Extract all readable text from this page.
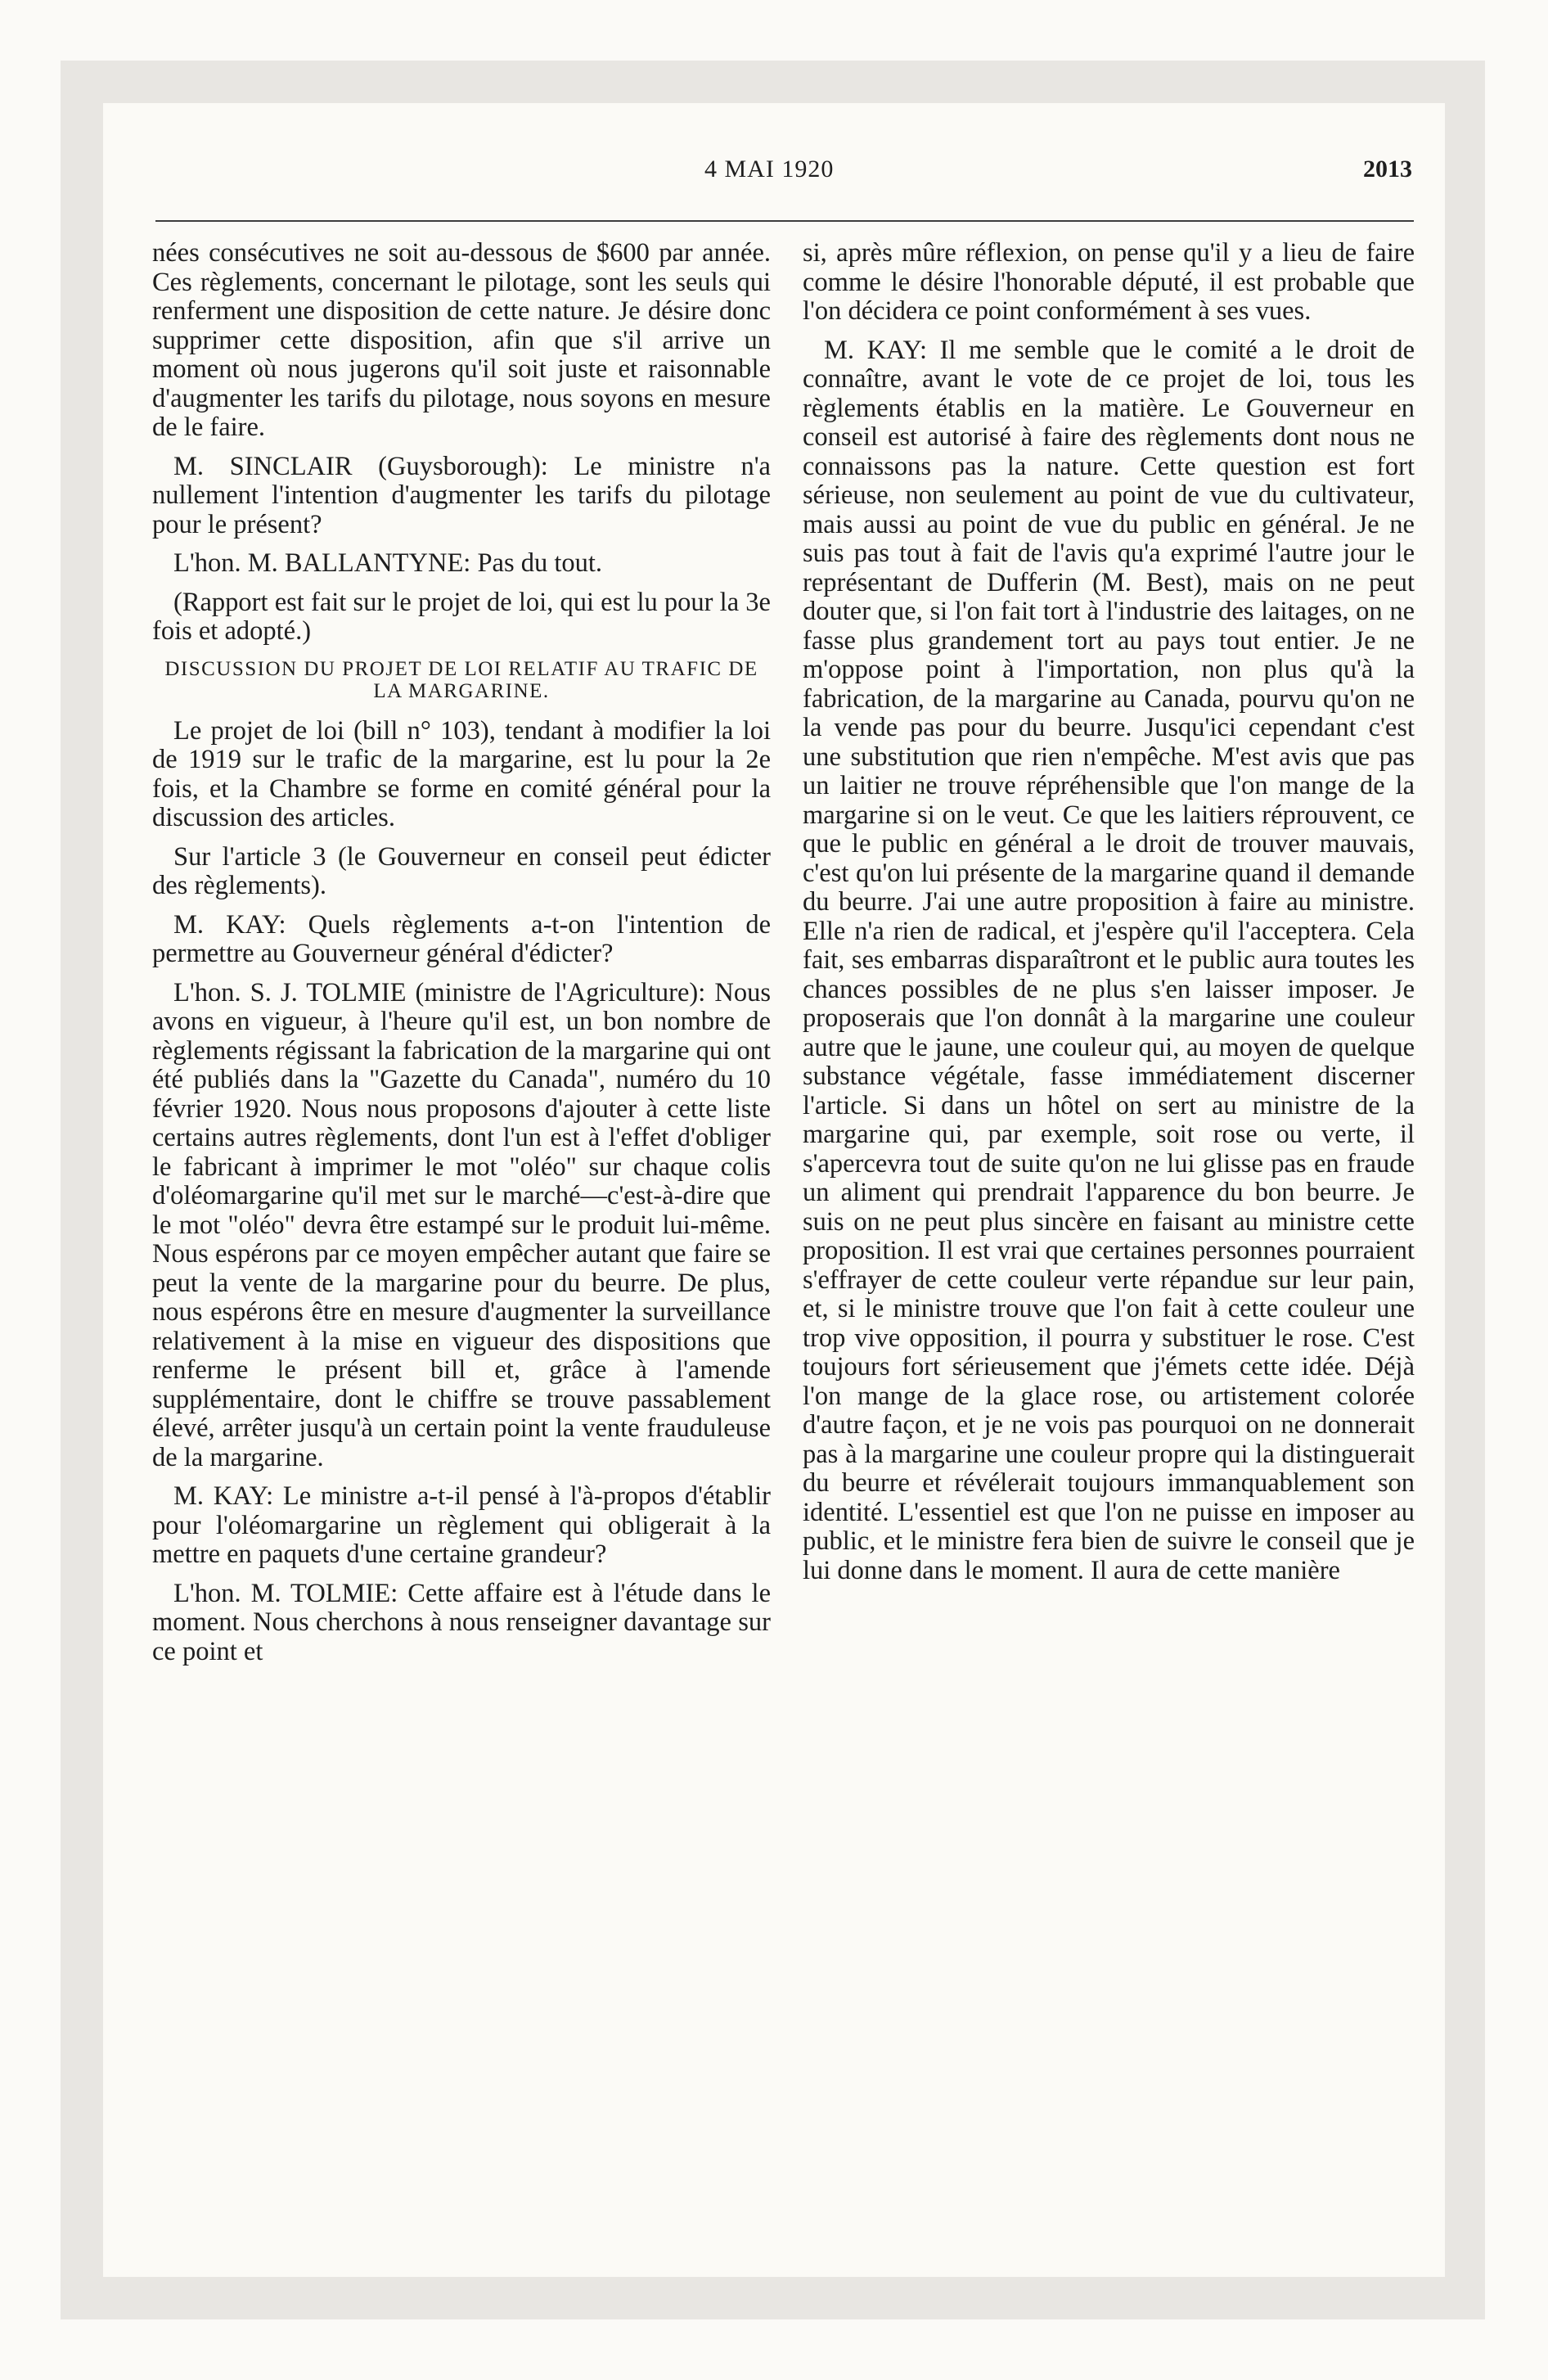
4 MAI 1920	2013

nées consécutives ne soit au-dessous de $600 par année. Ces règlements, concernant le pilotage, sont les seuls qui renferment une disposition de cette nature. Je désire donc supprimer cette disposition, afin que s'il arrive un moment où nous jugerons qu'il soit juste et raisonnable d'augmenter les tarifs du pilotage, nous soyons en mesure de le faire.

M. SINCLAIR (Guysborough): Le ministre n'a nullement l'intention d'augmenter les tarifs du pilotage pour le présent?

L'hon. M. BALLANTYNE: Pas du tout.

(Rapport est fait sur le projet de loi, qui est lu pour la 3e fois et adopté.)

DISCUSSION DU PROJET DE LOI RELATIF AU TRAFIC DE LA MARGARINE.

Le projet de loi (bill n° 103), tendant à modifier la loi de 1919 sur le trafic de la margarine, est lu pour la 2e fois, et la Chambre se forme en comité général pour la discussion des articles.

Sur l'article 3 (le Gouverneur en conseil peut édicter des règlements).

M. KAY: Quels règlements a-t-on l'intention de permettre au Gouverneur général d'édicter?

L'hon. S. J. TOLMIE (ministre de l'Agriculture): Nous avons en vigueur, à l'heure qu'il est, un bon nombre de règlements régissant la fabrication de la margarine qui ont été publiés dans la "Gazette du Canada", numéro du 10 février 1920. Nous nous proposons d'ajouter à cette liste certains autres règlements, dont l'un est à l'effet d'obliger le fabricant à imprimer le mot "oléo" sur chaque colis d'oléomargarine qu'il met sur le marché—c'est-à-dire que le mot "oléo" devra être estampé sur le produit lui-même. Nous espérons par ce moyen empêcher autant que faire se peut la vente de la margarine pour du beurre. De plus, nous espérons être en mesure d'augmenter la surveillance relativement à la mise en vigueur des dispositions que renferme le présent bill et, grâce à l'amende supplémentaire, dont le chiffre se trouve passablement élevé, arrêter jusqu'à un certain point la vente frauduleuse de la margarine.

M. KAY: Le ministre a-t-il pensé à l'à-propos d'établir pour l'oléomargarine un règlement qui obligerait à la mettre en paquets d'une certaine grandeur?

L'hon. M. TOLMIE: Cette affaire est à l'étude dans le moment. Nous cherchons à nous renseigner davantage sur ce point et

si, après mûre réflexion, on pense qu'il y a lieu de faire comme le désire l'honorable député, il est probable que l'on décidera ce point conformément à ses vues.

M. KAY: Il me semble que le comité a le droit de connaître, avant le vote de ce projet de loi, tous les règlements établis en la matière. Le Gouverneur en conseil est autorisé à faire des règlements dont nous ne connaissons pas la nature. Cette question est fort sérieuse, non seulement au point de vue du cultivateur, mais aussi au point de vue du public en général. Je ne suis pas tout à fait de l'avis qu'a exprimé l'autre jour le représentant de Dufferin (M. Best), mais on ne peut douter que, si l'on fait tort à l'industrie des laitages, on ne fasse plus grandement tort au pays tout entier. Je ne m'oppose point à l'importation, non plus qu'à la fabrication, de la margarine au Canada, pourvu qu'on ne la vende pas pour du beurre. Jusqu'ici cependant c'est une substitution que rien n'empêche. M'est avis que pas un laitier ne trouve répréhensible que l'on mange de la margarine si on le veut. Ce que les laitiers réprouvent, ce que le public en général a le droit de trouver mauvais, c'est qu'on lui présente de la margarine quand il demande du beurre. J'ai une autre proposition à faire au ministre. Elle n'a rien de radical, et j'espère qu'il l'acceptera. Cela fait, ses embarras disparaîtront et le public aura toutes les chances possibles de ne plus s'en laisser imposer. Je proposerais que l'on donnât à la margarine une couleur autre que le jaune, une couleur qui, au moyen de quelque substance végétale, fasse immédiatement discerner l'article. Si dans un hôtel on sert au ministre de la margarine qui, par exemple, soit rose ou verte, il s'apercevra tout de suite qu'on ne lui glisse pas en fraude un aliment qui prendrait l'apparence du bon beurre. Je suis on ne peut plus sincère en faisant au ministre cette proposition. Il est vrai que certaines personnes pourraient s'effrayer de cette couleur verte répandue sur leur pain, et, si le ministre trouve que l'on fait à cette couleur une trop vive opposition, il pourra y substituer le rose. C'est toujours fort sérieusement que j'émets cette idée. Déjà l'on mange de la glace rose, ou artistement colorée d'autre façon, et je ne vois pas pourquoi on ne donnerait pas à la margarine une couleur propre qui la distinguerait du beurre et révélerait toujours immanquablement son identité. L'essentiel est que l'on ne puisse en imposer au public, et le ministre fera bien de suivre le conseil que je lui donne dans le moment. Il aura de cette manière
